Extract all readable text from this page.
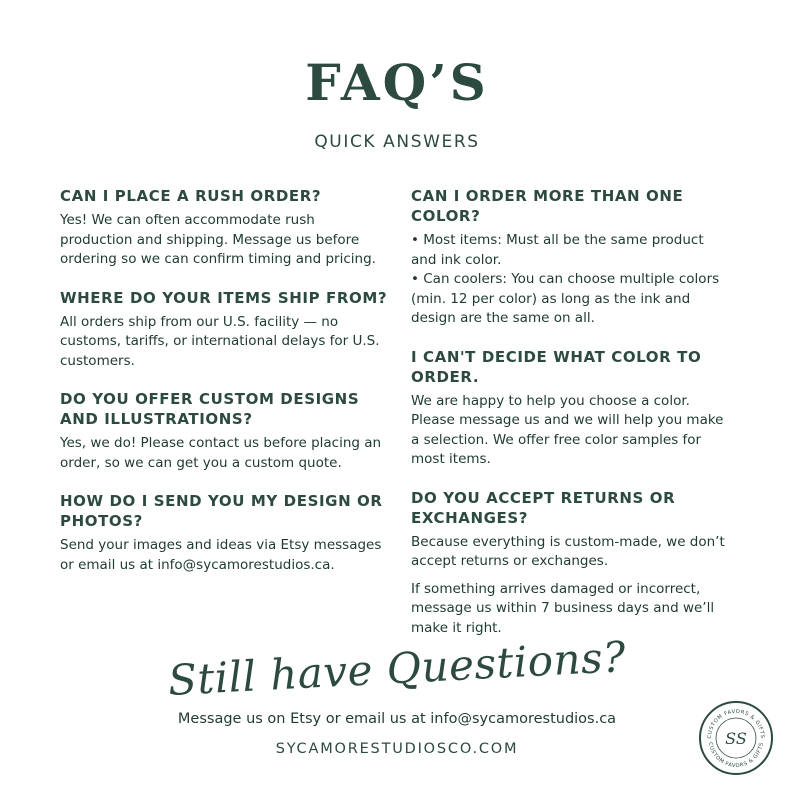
FAQ’S
QUICK ANSWERS
CAN I PLACE A RUSH ORDER?
Yes! We can often accommodate rush production and shipping. Message us before ordering so we can confirm timing and pricing.
WHERE DO YOUR ITEMS SHIP FROM?
All orders ship from our U.S. facility — no customs, tariffs, or international delays for U.S. customers.
DO YOU OFFER CUSTOM DESIGNS AND ILLUSTRATIONS?
Yes, we do! Please contact us before placing an order, so we can get you a custom quote.
HOW DO I SEND YOU MY DESIGN OR PHOTOS?
Send your images and ideas via Etsy messages or email us at info@sycamorestudios.ca.
CAN I ORDER MORE THAN ONE COLOR?
• Most items: Must all be the same product and ink color.
• Can coolers: You can choose multiple colors (min. 12 per color) as long as the ink and design are the same on all.
I CAN'T DECIDE WHAT COLOR TO ORDER.
We are happy to help you choose a color. Please message us and we will help you make a selection. We offer free color samples for most items.
DO YOU ACCEPT RETURNS OR EXCHANGES?
Because everything is custom-made, we don’t accept returns or exchanges.
If something arrives damaged or incorrect, message us within 7 business days and we’ll make it right.
Still have Questions?
Message us on Etsy or email us at info@sycamorestudios.ca
SYCAMORESTUDIOSCO.COM
CUSTOM FAVORS & GIFTS
CUSTOM FAVORS & GIFTS
SS
